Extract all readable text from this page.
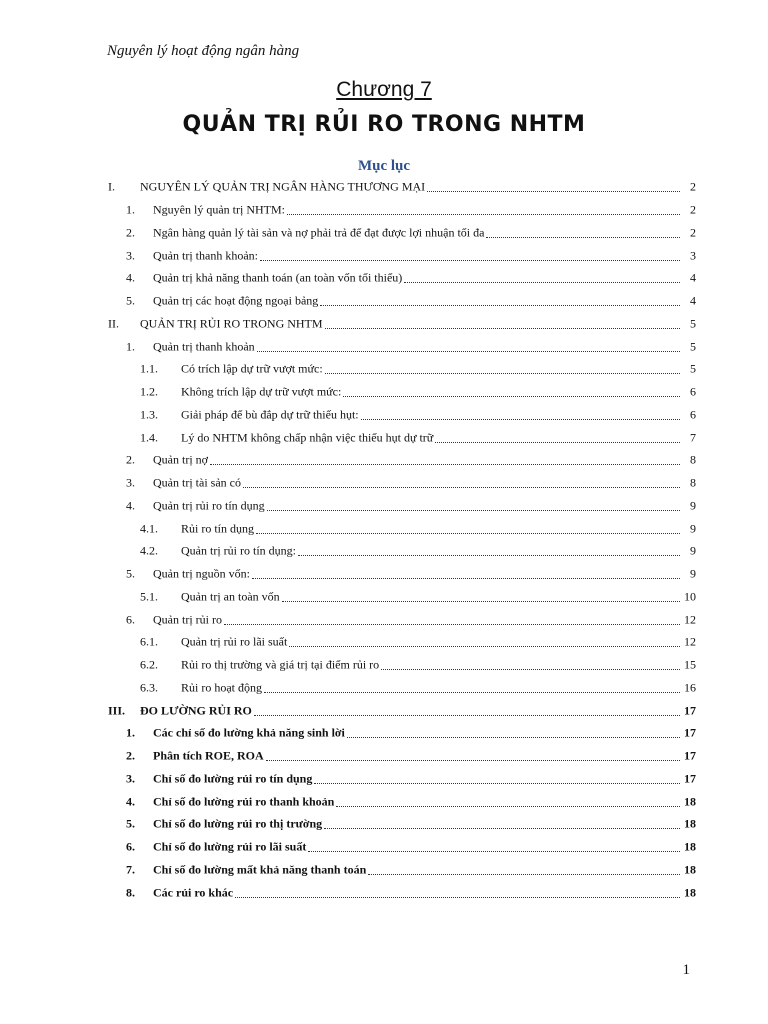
Nguyên lý hoạt động ngân hàng
Chương 7
QUẢN TRỊ RỦI RO TRONG NHTM
Mục lục
I. NGUYÊN LÝ QUẢN TRỊ NGÂN HÀNG THƯƠNG MẠI	2
1. Nguyên lý quản trị NHTM:	2
2. Ngân hàng quản lý tài sản và nợ phải trả để đạt được lợi nhuận tối đa	2
3. Quản trị thanh khoản:	3
4. Quản trị khả năng thanh toán (an toàn vốn tối thiểu)	4
5. Quản trị các hoạt động ngoại bảng	4
II. QUẢN TRỊ RỦI RO TRONG NHTM	5
1. Quản trị thanh khoản	5
1.1. Có trích lập dự trữ vượt mức:	5
1.2. Không trích lập dự trữ vượt mức:	6
1.3. Giải pháp để bù đắp dự trữ thiếu hụt:	6
1.4. Lý do NHTM không chấp nhận việc thiếu hụt dự trữ	7
2. Quản trị nợ	8
3. Quản trị tài sản có	8
4. Quản trị rủi ro tín dụng	9
4.1. Rủi ro tín dụng	9
4.2. Quản trị rủi ro tín dụng:	9
5. Quản trị nguồn vốn:	9
5.1. Quản trị an toàn vốn	10
6. Quản trị rủi ro	12
6.1. Quản trị rủi ro lãi suất	12
6.2. Rủi ro thị trường và giá trị tại điểm rủi ro	15
6.3. Rủi ro hoạt động	16
III. ĐO LƯỜNG RỦI RO	17
1. Các chỉ số đo lường khả năng sinh lời	17
2. Phân tích ROE, ROA	17
3. Chỉ số đo lường rủi ro tín dụng	17
4. Chỉ số đo lường rủi ro thanh khoản	18
5. Chỉ số đo lường rủi ro thị trường	18
6. Chỉ số đo lường rủi ro lãi suất	18
7. Chỉ số đo lường mất khả năng thanh toán	18
8. Các rủi ro khác	18
1
